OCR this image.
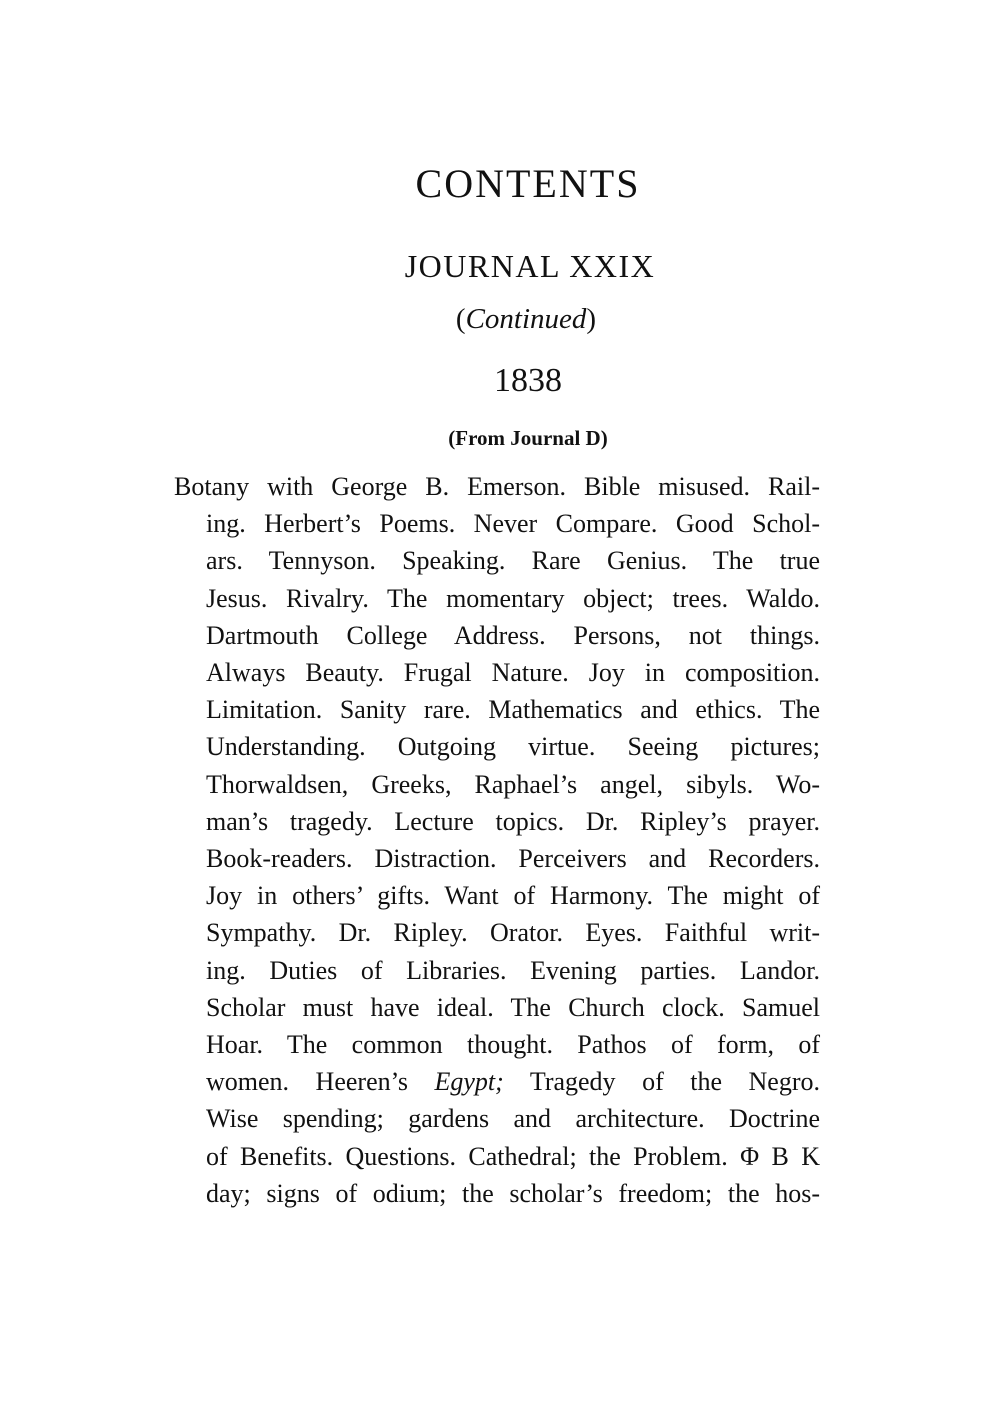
CONTENTS
JOURNAL XXIX
(Continued)
1838
(From Journal D)
Botany with George B. Emerson. Bible misused. Rail-
ing. Herbert’s Poems. Never Compare. Good Schol-
ars. Tennyson. Speaking. Rare Genius. The true
Jesus. Rivalry. The momentary object; trees. Waldo.
Dartmouth College Address. Persons, not things.
Always Beauty. Frugal Nature. Joy in composition.
Limitation. Sanity rare. Mathematics and ethics. The
Understanding. Outgoing virtue. Seeing pictures;
Thorwaldsen, Greeks, Raphael’s angel, sibyls. Wo-
man’s tragedy. Lecture topics. Dr. Ripley’s prayer.
Book-readers. Distraction. Perceivers and Recorders.
Joy in others’ gifts. Want of Harmony. The might of
Sympathy. Dr. Ripley. Orator. Eyes. Faithful writ-
ing. Duties of Libraries. Evening parties. Landor.
Scholar must have ideal. The Church clock. Samuel
Hoar. The common thought. Pathos of form, of
women. Heeren’s Egypt; Tragedy of the Negro.
Wise spending; gardens and architecture. Doctrine
of Benefits. Questions. Cathedral; the Problem. Φ B K
day; signs of odium; the scholar’s freedom; the hos-
